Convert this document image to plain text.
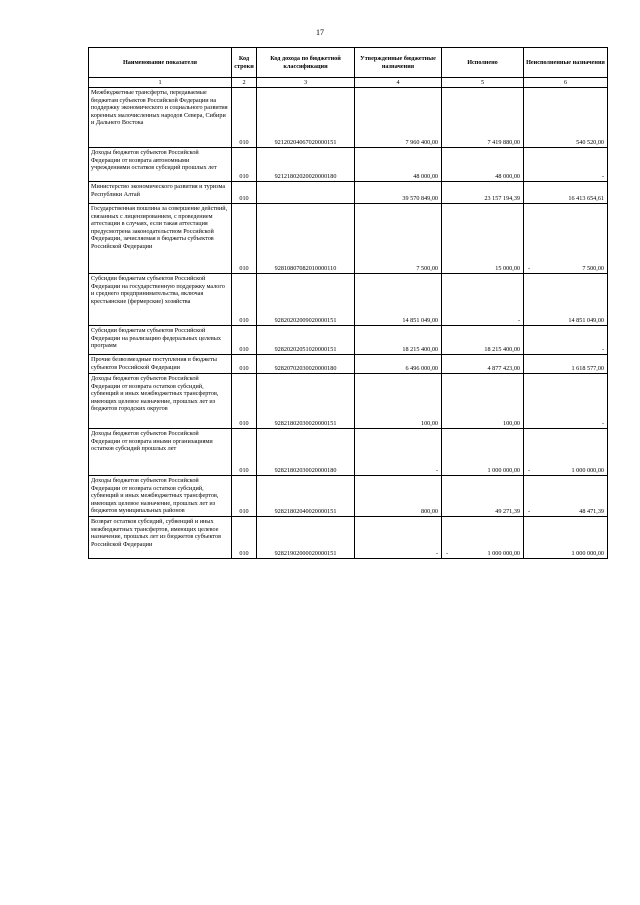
17
Наименование показателя	Код строки	Код дохода по бюджетной классификации	Утвержденные бюджетные назначения	Исполнено	Неисполненные назначения
1	2	3	4	5	6
Межбюджетные трансферты, передаваемые бюджетам субъектов Российской Федерации на поддержку экономического и социального развития коренных малочисленных народов Севера, Сибири и Дальнего Востока	010	92120204067020000151	7 960 400,00	7 419 880,00	540 520,00
Доходы бюджетов субъектов Российской Федерации от возврата автономными учреждениями остатков субсидий прошлых лет	010	92121802020020000180	48 000,00	48 000,00	-
Министерство экономического развития и туризма Республики Алтай	010		39 570 849,00	23 157 194,39	16 413 654,61
Государственная пошлина за совершение действий, связанных с лицензированием, с проведением аттестации в случаях, если такая аттестация предусмотрена законодательством Российской Федерации, зачисляемая в бюджеты субъектов Российской Федерации	010	92810807082010000110	7 500,00	15 000,00	- 7 500,00
Субсидии бюджетам субъектов Российской Федерации на государственную поддержку малого и среднего предпринимательства, включая крестьянские (фермерские) хозяйства	010	92820202009020000151	14 851 049,00	-	14 851 049,00
Субсидии бюджетам субъектов Российской Федерации на реализацию федеральных целевых программ	010	92820202051020000151	18 215 400,00	18 215 400,00	-
Прочие безвозмездные поступления в бюджеты субъектов Российской Федерации	010	92820702030020000180	6 496 000,00	4 877 423,00	1 618 577,00
Доходы бюджетов субъектов Российской Федерации от возврата остатков субсидий, субвенций и иных межбюджетных трансфертов, имеющих целевое назначение, прошлых лет из бюджетов городских округов	010	92821802030020000151	100,00	100,00	-
Доходы бюджетов субъектов Российской Федерации от возврата иными организациями остатков субсидий прошлых лет	010	92821802030020000180	-	1 000 000,00	- 1 000 000,00
Доходы бюджетов субъектов Российской Федерации от возврата остатков субсидий, субвенций и иных межбюджетных трансфертов, имеющих целевое назначение, прошлых лет из бюджетов муниципальных районов	010	92821802040020000151	800,00	49 271,39	- 48 471,39
Возврат остатков субсидий, субвенций и иных межбюджетных трансфертов, имеющих целевое назначение, прошлых лет из бюджетов субъектов Российской Федерации	010	92821902000020000151	-	- 1 000 000,00	1 000 000,00
